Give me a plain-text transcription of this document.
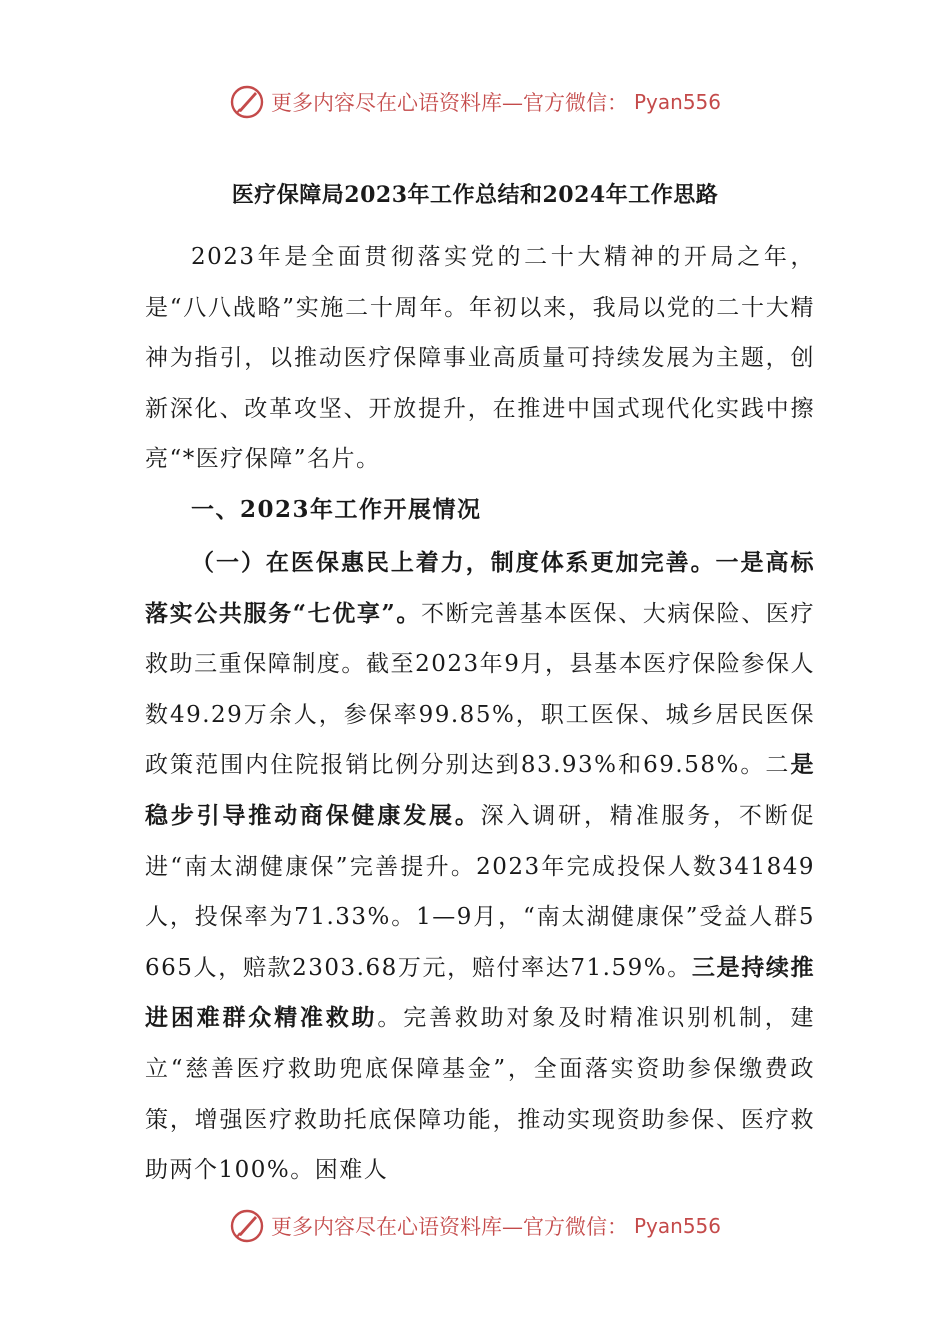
更多内容尽在心语资料库—官方微信： Pyan556
医疗保障局2023年工作总结和2024年工作思路

2023年是全面贯彻落实党的二十大精神的开局之年，是“八八战略”实施二十周年。年初以来，我局以党的二十大精神为指引，以推动医疗保障事业高质量可持续发展为主题，创新深化、改革攻坚、开放提升，在推进中国式现代化实践中擦亮“*医疗保障”名片。

一、2023年工作开展情况

（一）在医保惠民上着力，制度体系更加完善。一是高标落实公共服务“七优享”。不断完善基本医保、大病保险、医疗救助三重保障制度。截至2023年9月，县基本医疗保险参保人数49.29万余人，参保率99.85%，职工医保、城乡居民医保政策范围内住院报销比例分别达到83.93%和69.58%。二是稳步引导推动商保健康发展。深入调研，精准服务，不断促进“南太湖健康保”完善提升。2023年完成投保人数341849人，投保率为71.33%。1—9月，“南太湖健康保”受益人群5665人，赔款2303.68万元，赔付率达71.59%。三是持续推进困难群众精准救助。完善救助对象及时精准识别机制，建立“慈善医疗救助兜底保障基金”，全面落实资助参保缴费政策，增强医疗救助托底保障功能，推动实现资助参保、医疗救助两个100%。困难人

更多内容尽在心语资料库—官方微信： Pyan556
